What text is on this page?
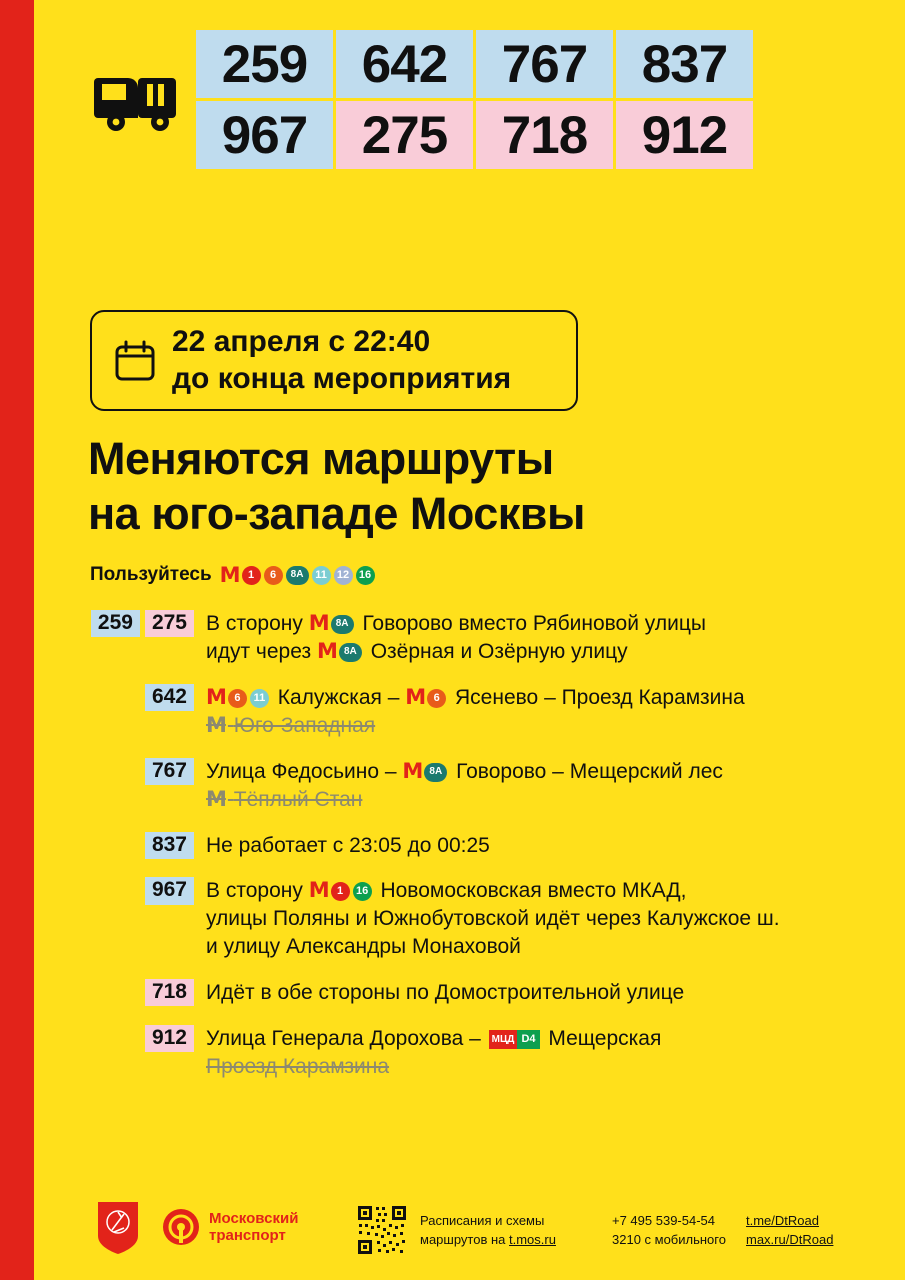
259	642	767	837
967	275	718	912
22 апреля с 22:40
до конца мероприятия
Меняются маршруты
на юго-западе Москвы
Пользуйтесь M 1	6	8А	11 12 16
259 275 В сторону M 8А Говорово вместо Рябиновой улицы
идут через M 8А Озёрная и Озёрную улицу
642 M 6 11 Калужская – M 6 Ясенево – Проезд Карамзина
M Юго-Западная
767 Улица Федосьино – M 8А Говорово – Мещерский лес
M Тёплый Стан
837 Не работает с 23:05 до 00:25
967 В сторону M 1 16 Новомосковская вместо МКАД,
улицы Поляны и Южнобутовской идёт через Калужское ш.
и улицу Александры Монаховой
718 Идёт в обе стороны по Домостроительной улице
912 Улица Генерала Дорохова –	МЦД D4 Мещерская
Проезд Карамзина
Московский
транспорт
Расписания и схемы
маршрутов на t.mos.ru
+7 495 539-54-54
3210 с мобильного
t.me/DtRoad
max.ru/DtRoad
